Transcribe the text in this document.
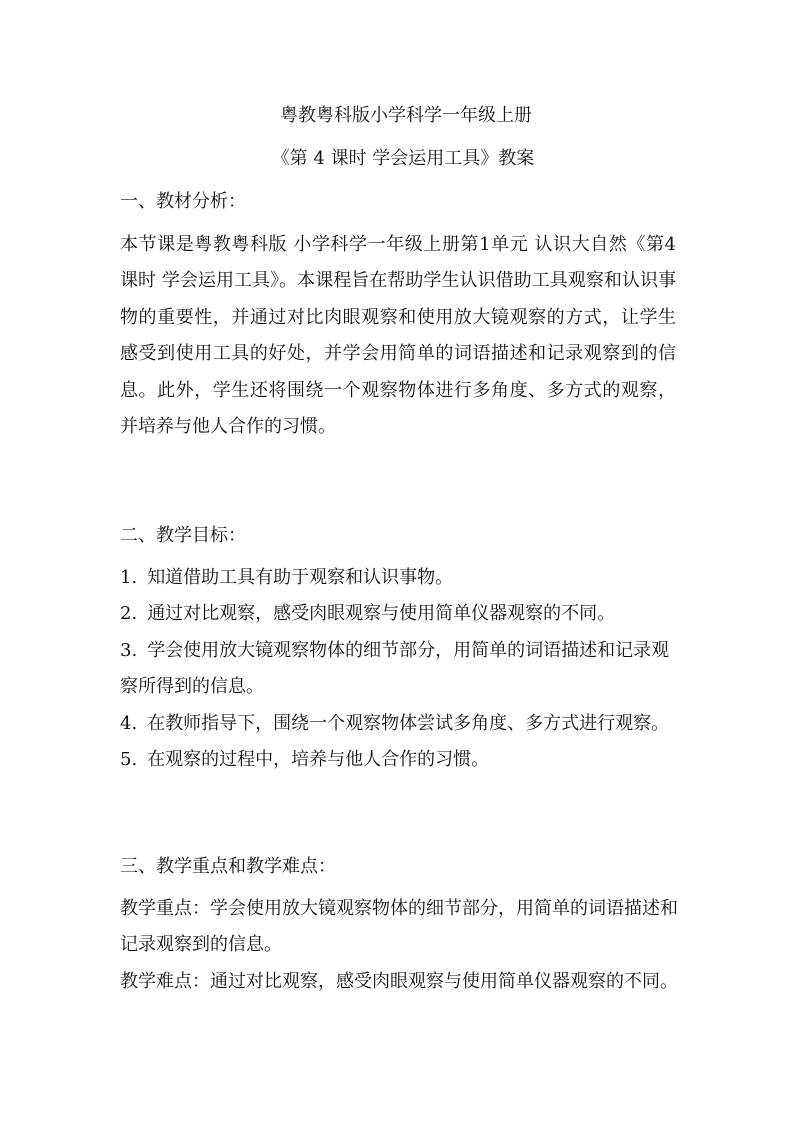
粤教粤科版小学科学一年级上册
《第 4 课时 学会运用工具》教案
一、教材分析：
本节课是粤教粤科版 小学科学一年级上册第1单元 认识大自然《第4课时 学会运用工具》。本课程旨在帮助学生认识借助工具观察和认识事物的重要性，并通过对比肉眼观察和使用放大镜观察的方式，让学生感受到使用工具的好处，并学会用简单的词语描述和记录观察到的信息。此外，学生还将围绕一个观察物体进行多角度、多方式的观察，并培养与他人合作的习惯。
二、教学目标：
1. 知道借助工具有助于观察和认识事物。
2. 通过对比观察，感受肉眼观察与使用简单仪器观察的不同。
3. 学会使用放大镜观察物体的细节部分，用简单的词语描述和记录观察所得到的信息。
4. 在教师指导下，围绕一个观察物体尝试多角度、多方式进行观察。
5. 在观察的过程中，培养与他人合作的习惯。
三、教学重点和教学难点：
教学重点：学会使用放大镜观察物体的细节部分，用简单的词语描述和记录观察到的信息。
教学难点：通过对比观察，感受肉眼观察与使用简单仪器观察的不同。
